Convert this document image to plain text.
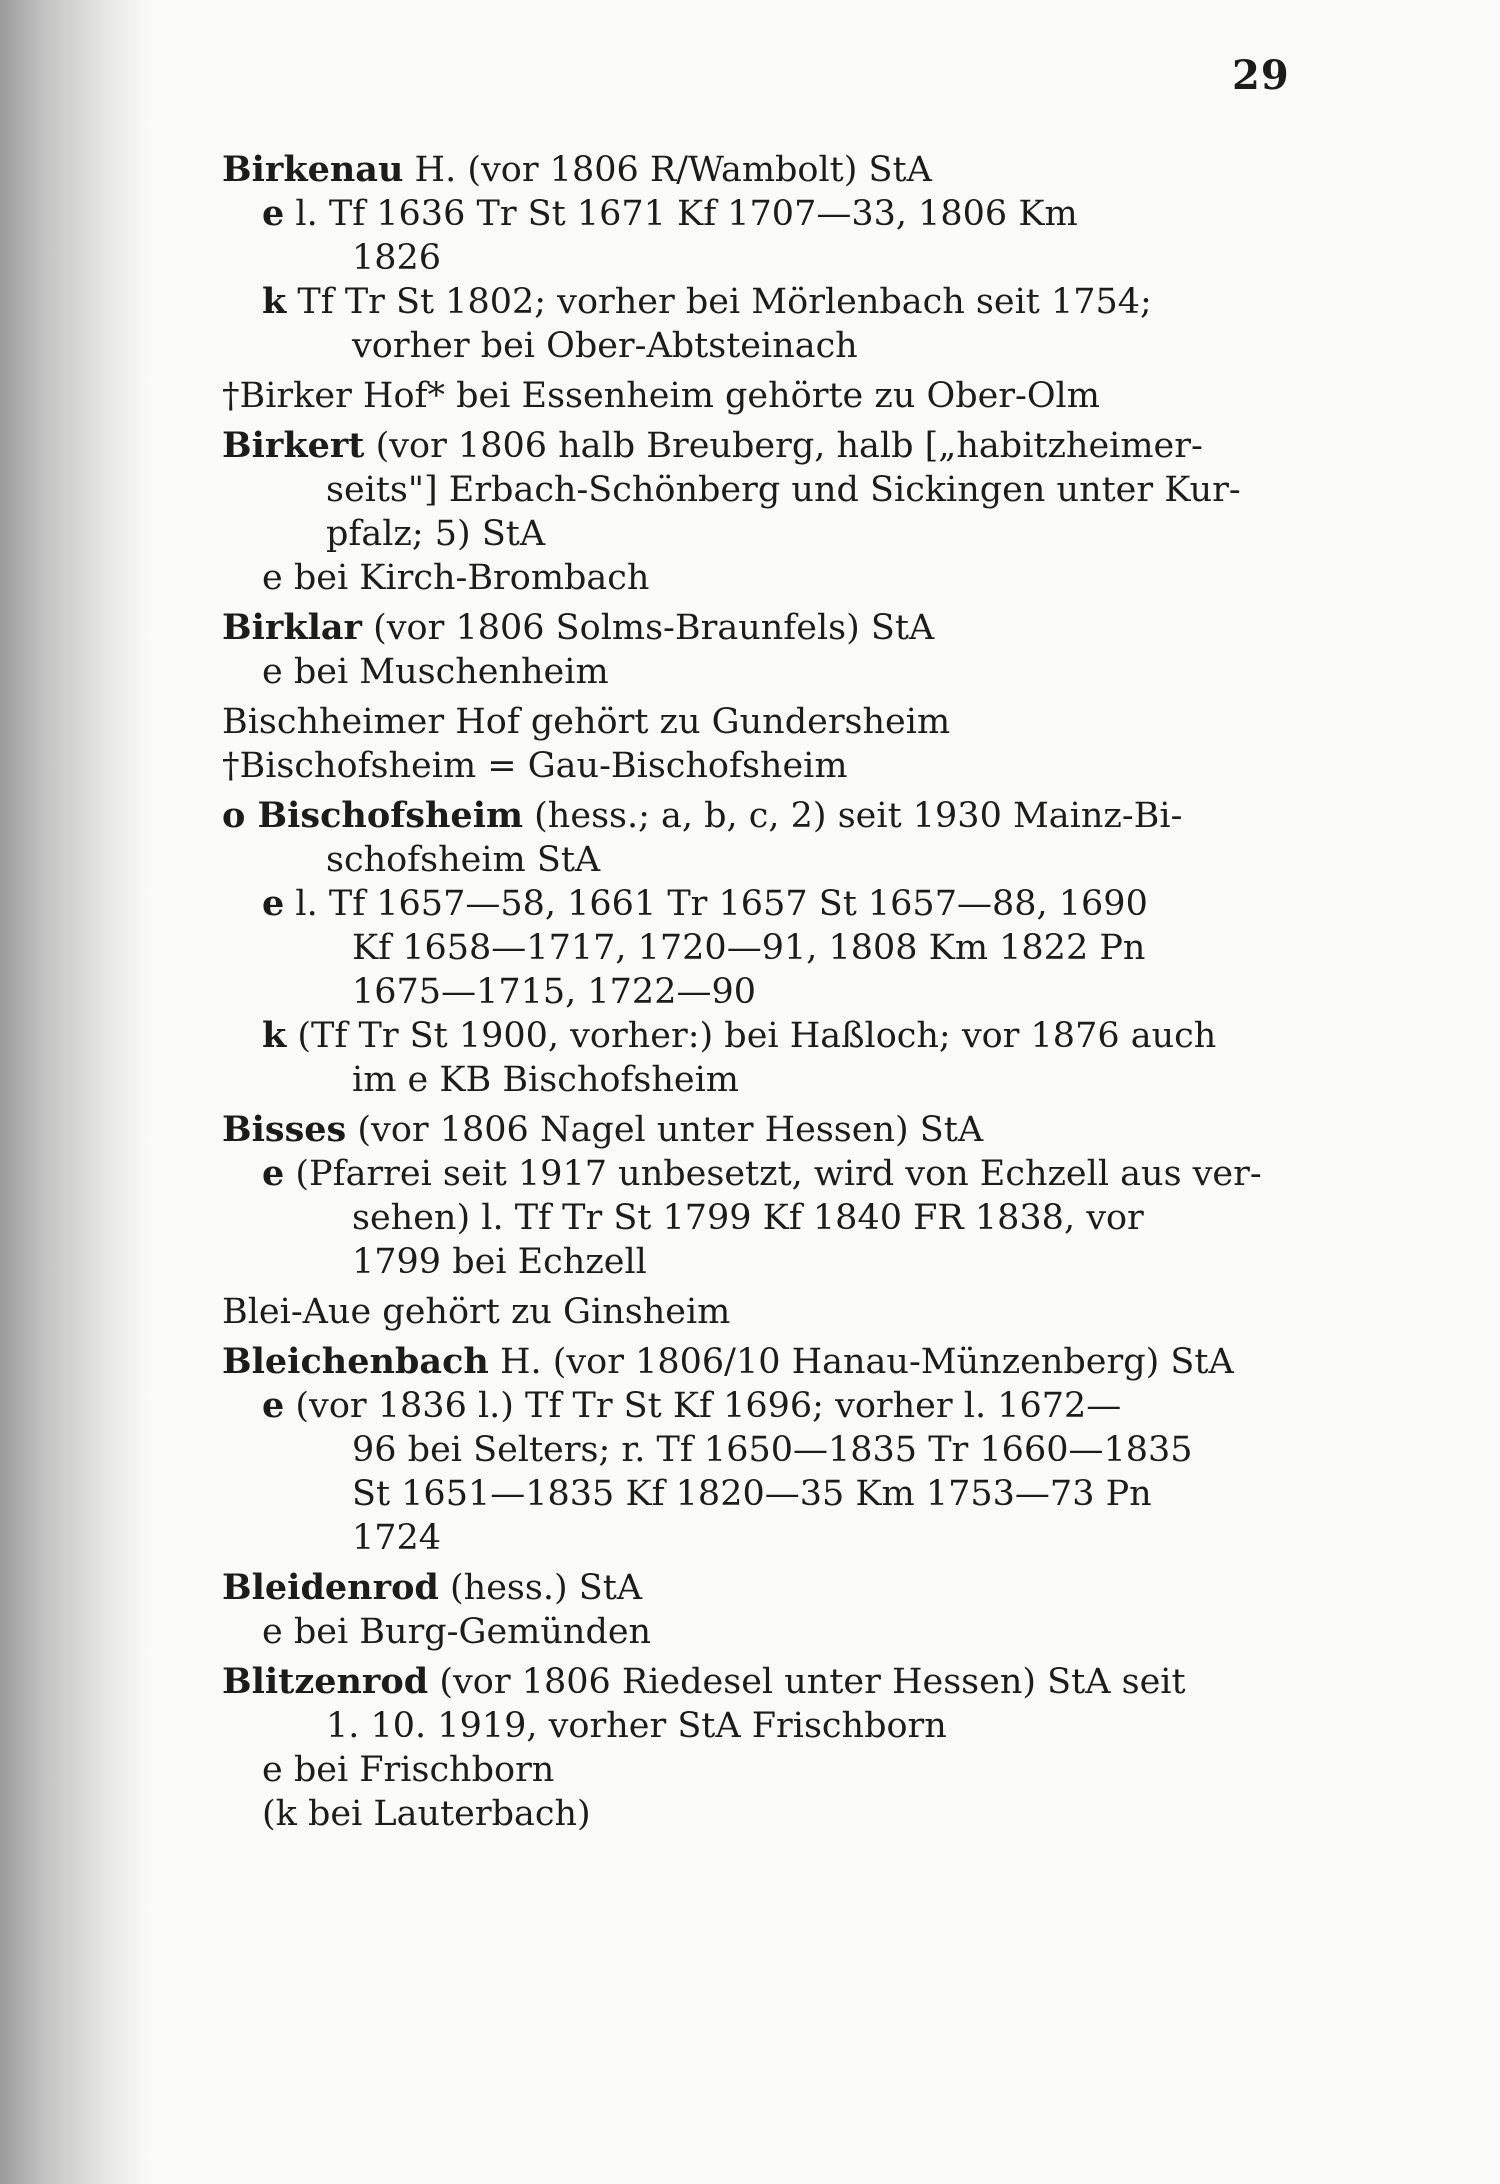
29
Birkenau H. (vor 1806 R/Wambolt) StA
e l. Tf 1636 Tr St 1671 Kf 1707—33, 1806 Km
1826
k Tf Tr St 1802; vorher bei Mörlenbach seit 1754;
vorher bei Ober-Abtsteinach
†Birker Hof* bei Essenheim gehörte zu Ober-Olm
Birkert (vor 1806 halb Breuberg, halb [„habitzheimer-
seits"] Erbach-Schönberg und Sickingen unter Kur-
pfalz; 5) StA
e bei Kirch-Brombach
Birklar (vor 1806 Solms-Braunfels) StA
e bei Muschenheim
Bischheimer Hof gehört zu Gundersheim
†Bischofsheim = Gau-Bischofsheim
o Bischofsheim (hess.; a, b, c, 2) seit 1930 Mainz-Bi-
schofsheim StA
e l. Tf 1657—58, 1661 Tr 1657 St 1657—88, 1690
Kf 1658—1717, 1720—91, 1808 Km 1822 Pn
1675—1715, 1722—90
k (Tf Tr St 1900, vorher:) bei Haßloch; vor 1876 auch
im e KB Bischofsheim
Bisses (vor 1806 Nagel unter Hessen) StA
e (Pfarrei seit 1917 unbesetzt, wird von Echzell aus ver-
sehen) l. Tf Tr St 1799 Kf 1840 FR 1838, vor
1799 bei Echzell
Blei-Aue gehört zu Ginsheim
Bleichenbach H. (vor 1806/10 Hanau-Münzenberg) StA
e (vor 1836 l.) Tf Tr St Kf 1696; vorher l. 1672—
96 bei Selters; r. Tf 1650—1835 Tr 1660—1835
St 1651—1835 Kf 1820—35 Km 1753—73 Pn
1724
Bleidenrod (hess.) StA
e bei Burg-Gemünden
Blitzenrod (vor 1806 Riedesel unter Hessen) StA seit
1. 10. 1919, vorher StA Frischborn
e bei Frischborn
(k bei Lauterbach)
